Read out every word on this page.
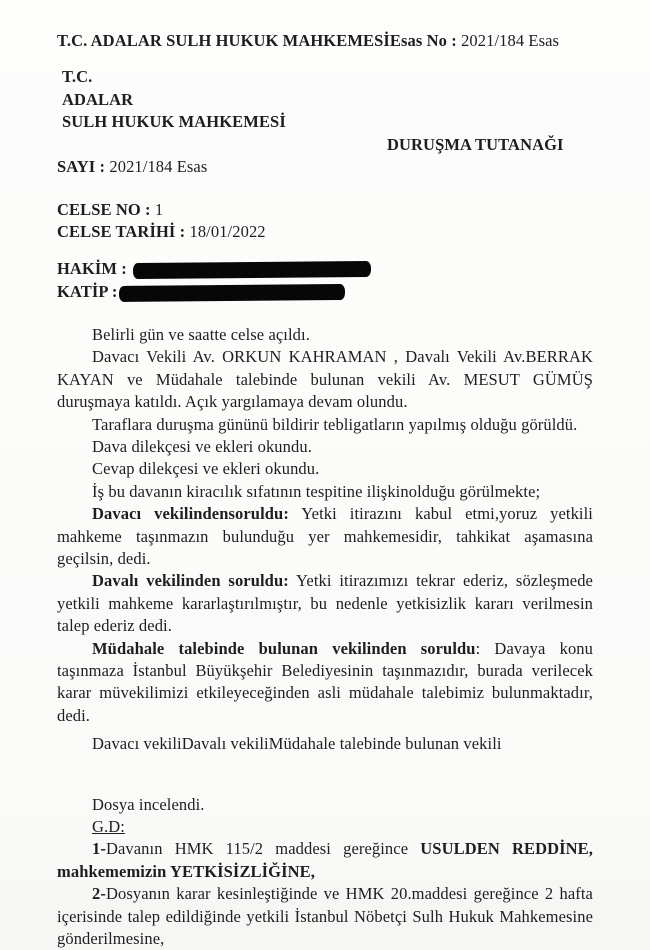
T.C. ADALAR SULH HUKUK MAHKEMESİEsas No : 2021/184 Esas
T.C.
ADALAR
SULH HUKUK MAHKEMESİ
DURUŞMA TUTANAĞI
SAYI : 2021/184 Esas
CELSE NO : 1
CELSE TARİHİ : 18/01/2022
HAKİM :
KATİP :

Belirli gün ve saatte celse açıldı.

Davacı Vekili Av. ORKUN KAHRAMAN , Davalı Vekili Av.BERRAK KAYAN ve Müdahale talebinde bulunan vekili Av. MESUT GÜMÜŞ duruşmaya katıldı. Açık yargılamaya devam olundu.

Taraflara duruşma gününü bildirir tebligatların yapılmış olduğu görüldü.

Dava dilekçesi ve ekleri okundu.

Cevap dilekçesi ve ekleri okundu.

İş bu davanın kiracılık sıfatının tespitine ilişkinolduğu görülmekte;

Davacı vekilindensoruldu: Yetki itirazını kabul etmi,yoruz yetkili mahkeme taşınmazın bulunduğu yer mahkemesidir, tahkikat aşamasına geçilsin, dedi.

Davalı vekilinden soruldu: Yetki itirazımızı tekrar ederiz, sözleşmede yetkili mahkeme kararlaştırılmıştır, bu nedenle yetkisizlik kararı verilmesin talep ederiz dedi.

Müdahale talebinde bulunan vekilinden soruldu: Davaya konu taşınmaza İstanbul Büyükşehir Belediyesinin taşınmazıdır, burada verilecek karar müvekilimizi etkileyeceğinden asli müdahale talebimiz bulunmaktadır, dedi.

Davacı vekiliDavalı vekiliMüdahale talebinde bulunan vekili

Dosya incelendi.

G.D:

1-Davanın HMK 115/2 maddesi gereğince USULDEN REDDİNE, mahkememizin YETKİSİZLİĞİNE,

2-Dosyanın karar kesinleştiğinde ve HMK 20.maddesi gereğince 2 hafta içerisinde talep edildiğinde yetkili İstanbul Nöbetçi Sulh Hukuk Mahkemesine gönderilmesine,
